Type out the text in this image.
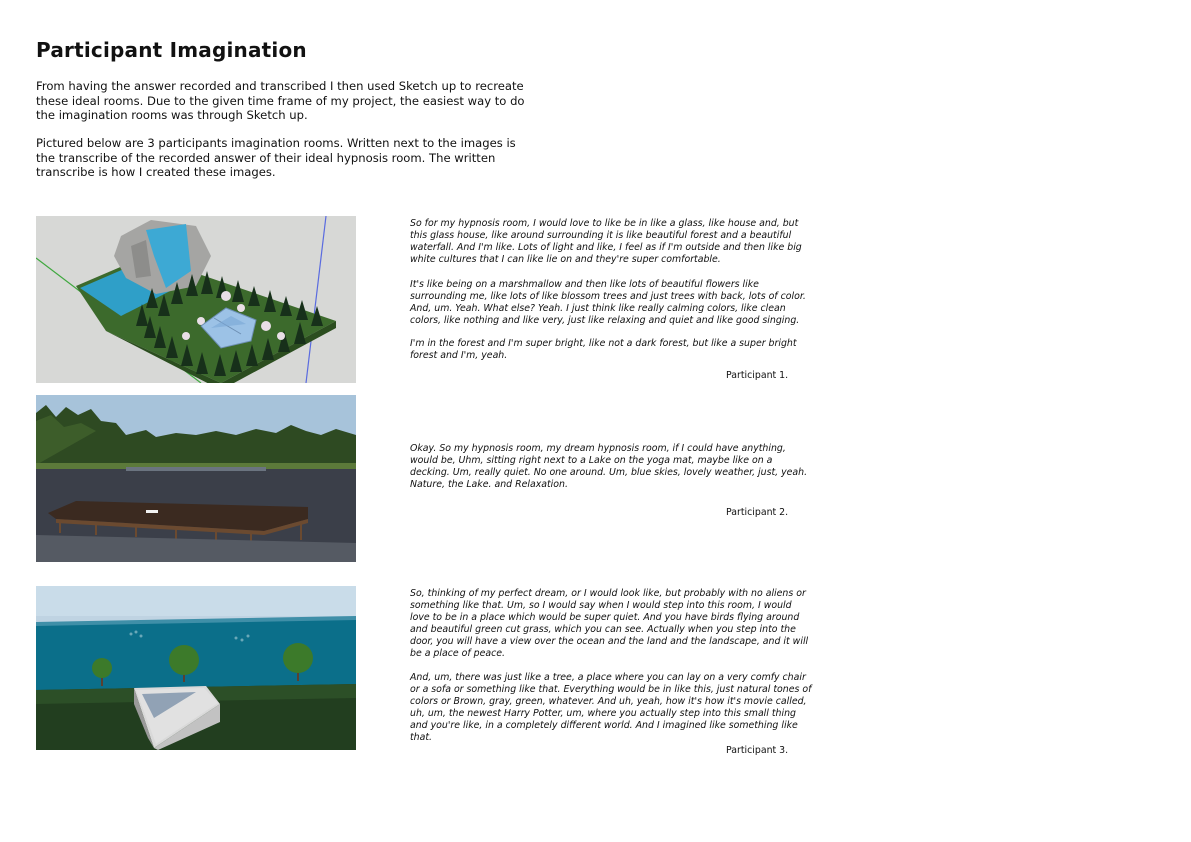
Participant Imagination

From having the answer recorded and transcribed I then used Sketch up to recreate these ideal rooms. Due to the given time frame of my project, the easiest way to do the imagination rooms was through Sketch up.

Pictured below are 3 participants imagination rooms. Written next to the images is the transcribe of the recorded answer of their ideal hypnosis room. The written transcribe is how I created these images.

So for my hypnosis room, I would love to like be in like a glass, like house and, but this glass house, like around surrounding it is like beautiful forest and a beautiful waterfall. And I'm like. Lots of light and like, I feel as if I'm outside and then like big white cultures that I can like lie on and they're super comfortable.

It's like being on a marshmallow and then like lots of beautiful flowers like surrounding me, like lots of like blossom trees and just trees with back, lots of color. And, um. Yeah. What else? Yeah. I just think like really calming colors, like clean colors, like nothing and like very, just like relaxing and quiet and like good singing.

I'm in the forest and I'm super bright, like not a dark forest, but like a super bright forest and I'm, yeah.

Participant 1.

Okay. So my hypnosis room, my dream hypnosis room, if I could have anything, would be, Uhm, sitting right next to a Lake on the yoga mat, maybe like on a decking. Um, really quiet. No one around. Um, blue skies, lovely weather, just, yeah. Nature, the Lake. and Relaxation.

Participant 2.

So, thinking of my perfect dream, or I would look like, but probably with no aliens or something like that. Um, so I would say when I would step into this room, I would love to be in a place which would be super quiet. And you have birds flying around and beautiful green cut grass, which you can see. Actually when you step into the door, you will have a view over the ocean and the land and the landscape, and it will be a place of peace.

And, um, there was just like a tree, a place where you can lay on a very comfy chair or a sofa or something like that. Everything would be in like this, just natural tones of colors or Brown, gray, green, whatever. And uh, yeah, how it's how it's movie called, uh, um, the newest Harry Potter, um, where you actually step into this small thing and you're like, in a completely different world. And I imagined like something like that.

Participant 3.
